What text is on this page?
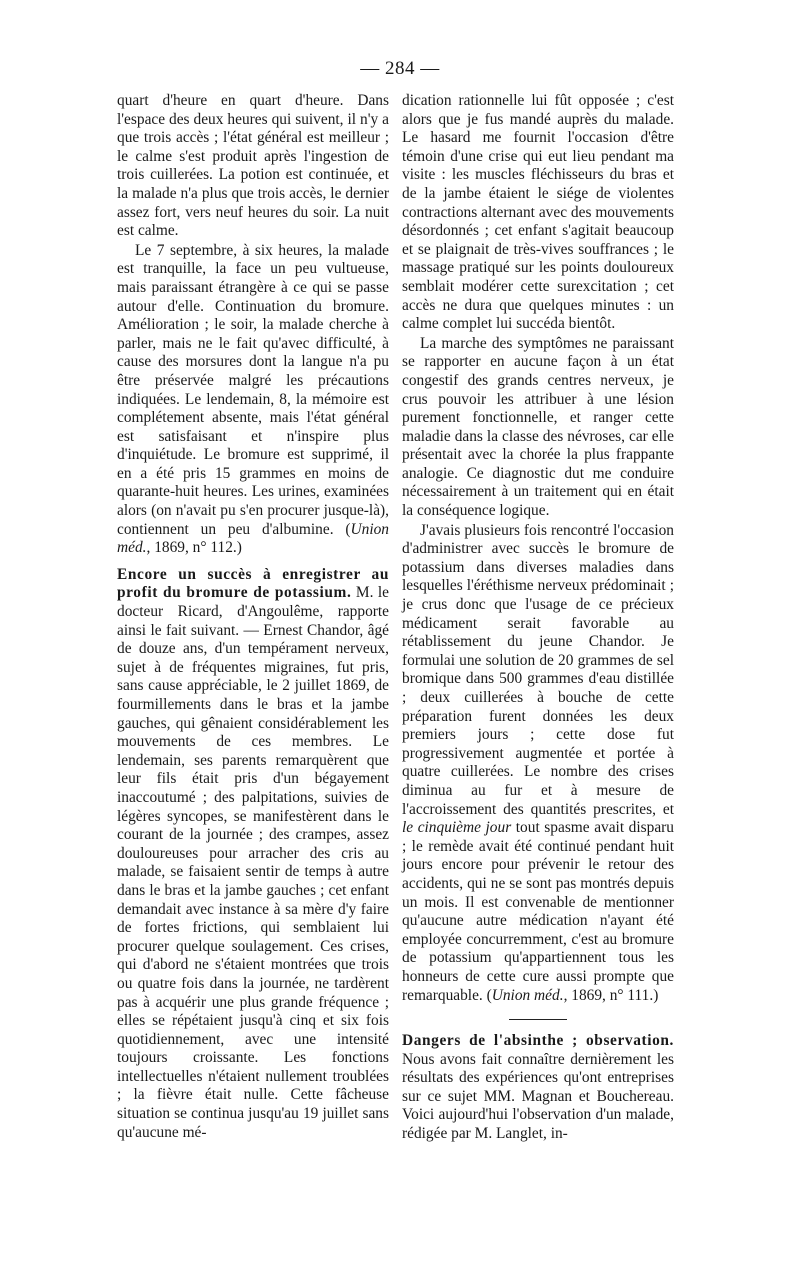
— 284 —

quart d'heure en quart d'heure. Dans l'espace des deux heures qui suivent, il n'y a que trois accès ; l'état général est meilleur ; le calme s'est produit après l'ingestion de trois cuillerées. La potion est continuée, et la malade n'a plus que trois accès, le dernier assez fort, vers neuf heures du soir. La nuit est calme.

Le 7 septembre, à six heures, la malade est tranquille, la face un peu vultueuse, mais paraissant étrangère à ce qui se passe autour d'elle. Continuation du bromure. Amélioration ; le soir, la malade cherche à parler, mais ne le fait qu'avec difficulté, à cause des morsures dont la langue n'a pu être préservée malgré les précautions indiquées. Le lendemain, 8, la mémoire est complétement absente, mais l'état général est satisfaisant et n'inspire plus d'inquiétude. Le bromure est supprimé, il en a été pris 15 grammes en moins de quarante-huit heures. Les urines, examinées alors (on n'avait pu s'en procurer jusque-là), contiennent un peu d'albumine. (Union méd., 1869, n° 112.)

Encore un succès à enregistrer au profit du bromure de potassium. M. le docteur Ricard, d'Angoulême, rapporte ainsi le fait suivant. — Ernest Chandor, âgé de douze ans, d'un tempérament nerveux, sujet à de fréquentes migraines, fut pris, sans cause appréciable, le 2 juillet 1869, de fourmillements dans le bras et la jambe gauches, qui gênaient considérablement les mouvements de ces membres. Le lendemain, ses parents remarquèrent que leur fils était pris d'un bégayement inaccoutumé ; des palpitations, suivies de légères syncopes, se manifestèrent dans le courant de la journée ; des crampes, assez douloureuses pour arracher des cris au malade, se faisaient sentir de temps à autre dans le bras et la jambe gauches ; cet enfant demandait avec instance à sa mère d'y faire de fortes frictions, qui semblaient lui procurer quelque soulagement. Ces crises, qui d'abord ne s'étaient montrées que trois ou quatre fois dans la journée, ne tardèrent pas à acquérir une plus grande fréquence ; elles se répétaient jusqu'à cinq et six fois quotidiennement, avec une intensité toujours croissante. Les fonctions intellectuelles n'étaient nullement troublées ; la fièvre était nulle. Cette fâcheuse situation se continua jusqu'au 19 juillet sans qu'aucune mé-

dication rationnelle lui fût opposée ; c'est alors que je fus mandé auprès du malade. Le hasard me fournit l'occasion d'être témoin d'une crise qui eut lieu pendant ma visite : les muscles fléchisseurs du bras et de la jambe étaient le siége de violentes contractions alternant avec des mouvements désordonnés ; cet enfant s'agitait beaucoup et se plaignait de très-vives souffrances ; le massage pratiqué sur les points douloureux semblait modérer cette surexcitation ; cet accès ne dura que quelques minutes : un calme complet lui succéda bientôt.

La marche des symptômes ne paraissant se rapporter en aucune façon à un état congestif des grands centres nerveux, je crus pouvoir les attribuer à une lésion purement fonctionnelle, et ranger cette maladie dans la classe des névroses, car elle présentait avec la chorée la plus frappante analogie. Ce diagnostic dut me conduire nécessairement à un traitement qui en était la conséquence logique.

J'avais plusieurs fois rencontré l'occasion d'administrer avec succès le bromure de potassium dans diverses maladies dans lesquelles l'éréthisme nerveux prédominait ; je crus donc que l'usage de ce précieux médicament serait favorable au rétablissement du jeune Chandor. Je formulai une solution de 20 grammes de sel bromique dans 500 grammes d'eau distillée ; deux cuillerées à bouche de cette préparation furent données les deux premiers jours ; cette dose fut progressivement augmentée et portée à quatre cuillerées. Le nombre des crises diminua au fur et à mesure de l'accroissement des quantités prescrites, et le cinquième jour tout spasme avait disparu ; le remède avait été continué pendant huit jours encore pour prévenir le retour des accidents, qui ne se sont pas montrés depuis un mois. Il est convenable de mentionner qu'aucune autre médication n'ayant été employée concurremment, c'est au bromure de potassium qu'appartiennent tous les honneurs de cette cure aussi prompte que remarquable. (Union méd., 1869, n° 111.)

Dangers de l'absinthe ; observation. Nous avons fait connaître dernièrement les résultats des expériences qu'ont entreprises sur ce sujet MM. Magnan et Bouchereau. Voici aujourd'hui l'observation d'un malade, rédigée par M. Langlet, in-
